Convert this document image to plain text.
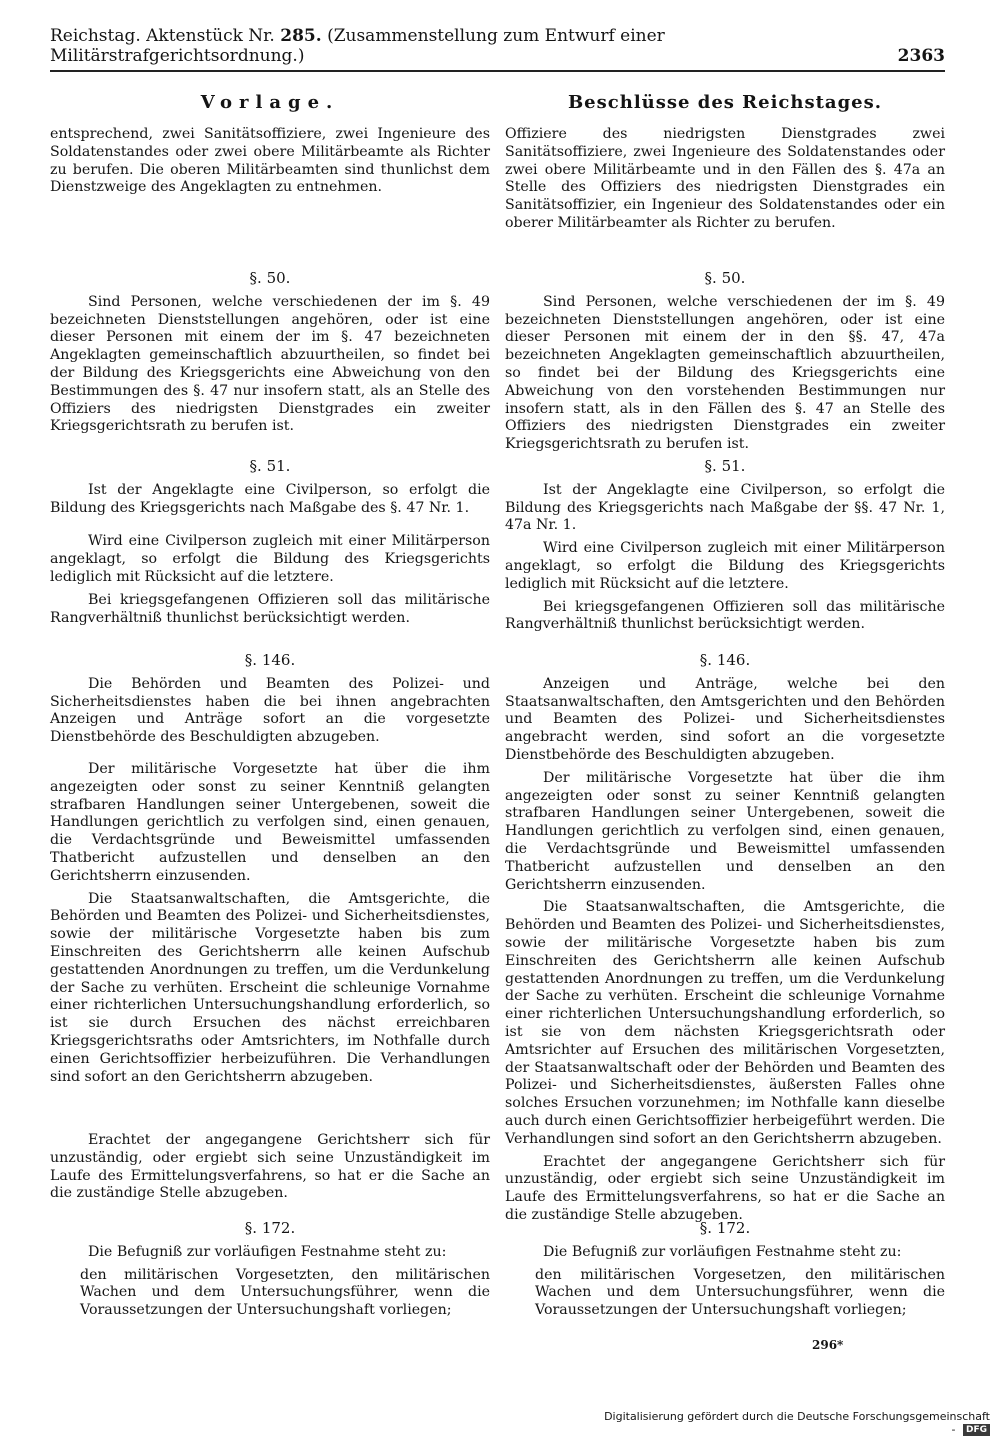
Reichstag. Aktenstück Nr. 285. (Zusammenstellung zum Entwurf einer Militärstrafgerichtsordnung.)	2363
Vorlage.

entsprechend, zwei Sanitätsoffiziere, zwei Ingenieure des Soldatenstandes oder zwei obere Militärbeamte als Richter zu berufen. Die oberen Militärbeamten sind thunlichst dem Dienstzweige des Angeklagten zu entnehmen.

§. 50.

Sind Personen, welche verschiedenen der im §. 49 bezeichneten Dienststellungen angehören, oder ist eine dieser Personen mit einem der im §. 47 bezeichneten Angeklagten gemeinschaftlich abzuurtheilen, so findet bei der Bildung des Kriegsgerichts eine Abweichung von den Bestimmungen des §. 47 nur insofern statt, als an Stelle des Offiziers des niedrigsten Dienstgrades ein zweiter Kriegsgerichtsrath zu berufen ist.

§. 51.

Ist der Angeklagte eine Civilperson, so erfolgt die Bildung des Kriegsgerichts nach Maßgabe des §. 47 Nr. 1.

Wird eine Civilperson zugleich mit einer Militärperson angeklagt, so erfolgt die Bildung des Kriegsgerichts lediglich mit Rücksicht auf die letztere.

Bei kriegsgefangenen Offizieren soll das militärische Rangverhältniß thunlichst berücksichtigt werden.

§. 146.

Die Behörden und Beamten des Polizei- und Sicherheitsdienstes haben die bei ihnen angebrachten Anzeigen und Anträge sofort an die vorgesetzte Dienstbehörde des Beschuldigten abzugeben.

Der militärische Vorgesetzte hat über die ihm angezeigten oder sonst zu seiner Kenntniß gelangten strafbaren Handlungen seiner Untergebenen, soweit die Handlungen gerichtlich zu verfolgen sind, einen genauen, die Verdachtsgründe und Beweismittel umfassenden Thatbericht aufzustellen und denselben an den Gerichtsherrn einzusenden.

Die Staatsanwaltschaften, die Amtsgerichte, die Behörden und Beamten des Polizei- und Sicherheitsdienstes, sowie der militärische Vorgesetzte haben bis zum Einschreiten des Gerichtsherrn alle keinen Aufschub gestattenden Anordnungen zu treffen, um die Verdunkelung der Sache zu verhüten. Erscheint die schleunige Vornahme einer richterlichen Untersuchungshandlung erforderlich, so ist sie durch Ersuchen des nächst erreichbaren Kriegsgerichtsraths oder Amtsrichters, im Nothfalle durch einen Gerichtsoffizier herbeizuführen. Die Verhandlungen sind sofort an den Gerichtsherrn abzugeben.

Erachtet der angegangene Gerichtsherr sich für unzuständig, oder ergiebt sich seine Unzuständigkeit im Laufe des Ermittelungsverfahrens, so hat er die Sache an die zuständige Stelle abzugeben.

§. 172.

Die Befugniß zur vorläufigen Festnahme steht zu:

den militärischen Vorgesetzten, den militärischen Wachen und dem Untersuchungsführer, wenn die Voraussetzungen der Untersuchungshaft vorliegen;

Beschlüsse des Reichstages.

Offiziere des niedrigsten Dienstgrades zwei Sanitätsoffiziere, zwei Ingenieure des Soldatenstandes oder zwei obere Militärbeamte und in den Fällen des §. 47a an Stelle des Offiziers des niedrigsten Dienstgrades ein Sanitätsoffizier, ein Ingenieur des Soldatenstandes oder ein oberer Militärbeamter als Richter zu berufen.

§. 50.

Sind Personen, welche verschiedenen der im §. 49 bezeichneten Dienststellungen angehören, oder ist eine dieser Personen mit einem der in den §§. 47, 47a bezeichneten Angeklagten gemeinschaftlich abzuurtheilen, so findet bei der Bildung des Kriegsgerichts eine Abweichung von den vorstehenden Bestimmungen nur insofern statt, als in den Fällen des §. 47 an Stelle des Offiziers des niedrigsten Dienstgrades ein zweiter Kriegsgerichtsrath zu berufen ist.

§. 51.

Ist der Angeklagte eine Civilperson, so erfolgt die Bildung des Kriegsgerichts nach Maßgabe der §§. 47 Nr. 1, 47a Nr. 1.

Wird eine Civilperson zugleich mit einer Militärperson angeklagt, so erfolgt die Bildung des Kriegsgerichts lediglich mit Rücksicht auf die letztere.

Bei kriegsgefangenen Offizieren soll das militärische Rangverhältniß thunlichst berücksichtigt werden.

§. 146.

Anzeigen und Anträge, welche bei den Staatsanwaltschaften, den Amtsgerichten und den Behörden und Beamten des Polizei- und Sicherheitsdienstes angebracht werden, sind sofort an die vorgesetzte Dienstbehörde des Beschuldigten abzugeben.

Der militärische Vorgesetzte hat über die ihm angezeigten oder sonst zu seiner Kenntniß gelangten strafbaren Handlungen seiner Untergebenen, soweit die Handlungen gerichtlich zu verfolgen sind, einen genauen, die Verdachtsgründe und Beweismittel umfassenden Thatbericht aufzustellen und denselben an den Gerichtsherrn einzusenden.

Die Staatsanwaltschaften, die Amtsgerichte, die Behörden und Beamten des Polizei- und Sicherheitsdienstes, sowie der militärische Vorgesetzte haben bis zum Einschreiten des Gerichtsherrn alle keinen Aufschub gestattenden Anordnungen zu treffen, um die Verdunkelung der Sache zu verhüten. Erscheint die schleunige Vornahme einer richterlichen Untersuchungshandlung erforderlich, so ist sie von dem nächsten Kriegsgerichtsrath oder Amtsrichter auf Ersuchen des militärischen Vorgesetzten, der Staatsanwaltschaft oder der Behörden und Beamten des Polizei- und Sicherheitsdienstes, äußersten Falles ohne solches Ersuchen vorzunehmen; im Nothfalle kann dieselbe auch durch einen Gerichtsoffizier herbeigeführt werden. Die Verhandlungen sind sofort an den Gerichtsherrn abzugeben.

Erachtet der angegangene Gerichtsherr sich für unzuständig, oder ergiebt sich seine Unzuständigkeit im Laufe des Ermittelungsverfahrens, so hat er die Sache an die zuständige Stelle abzugeben.

§. 172.

Die Befugniß zur vorläufigen Festnahme steht zu:

den militärischen Vorgesetzen, den militärischen Wachen und dem Untersuchungsführer, wenn die Voraussetzungen der Untersuchungshaft vorliegen;

296*
Digitalisierung gefördert durch die Deutsche Forschungsgemeinschaft - DFG
